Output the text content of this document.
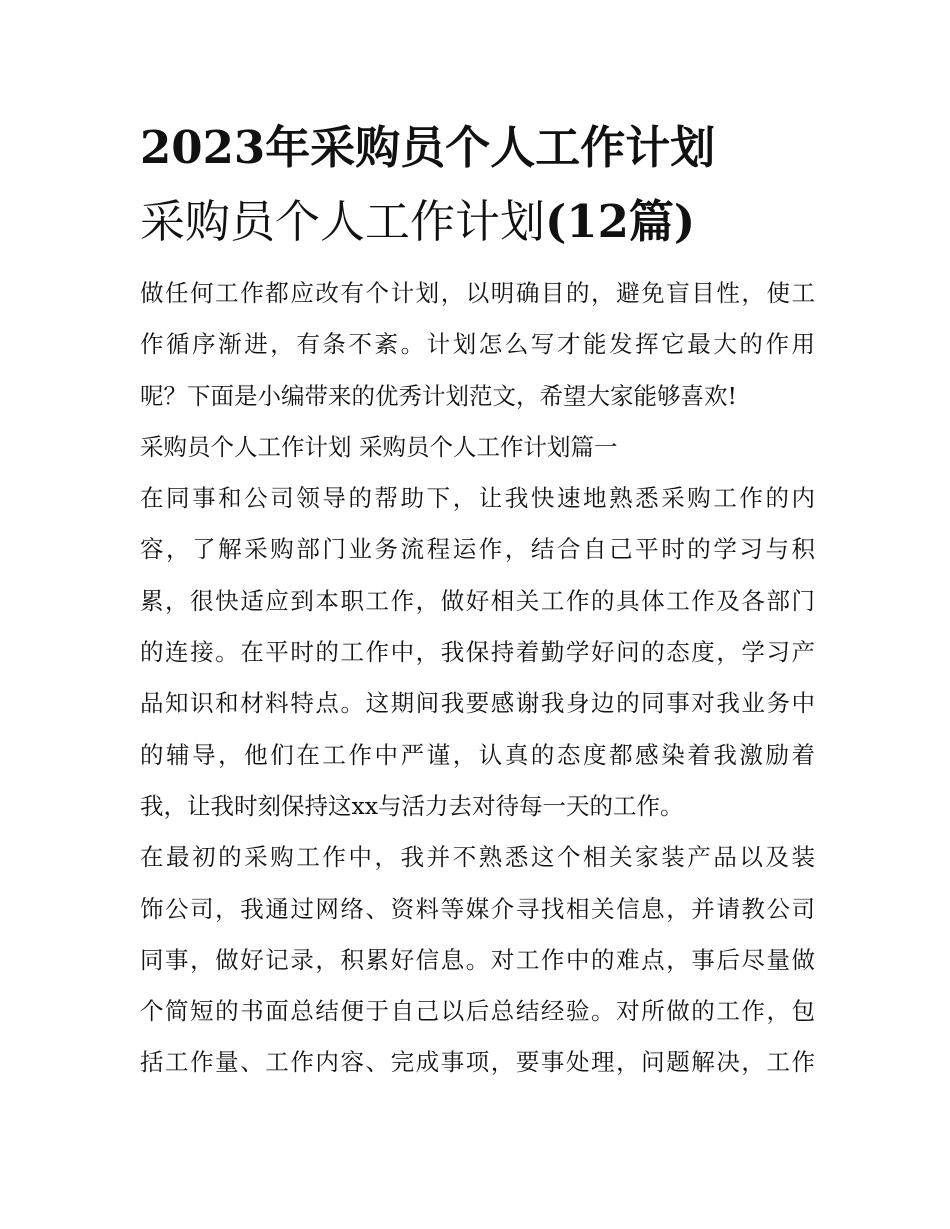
2023年采购员个人工作计划
采购员个人工作计划(12篇)
做任何工作都应改有个计划，以明确目的，避免盲目性，使工
作循序渐进，有条不紊。计划怎么写才能发挥它最大的作用
呢？下面是小编带来的优秀计划范文，希望大家能够喜欢!
采购员个人工作计划 采购员个人工作计划篇一
在同事和公司领导的帮助下，让我快速地熟悉采购工作的内
容，了解采购部门业务流程运作，结合自己平时的学习与积
累，很快适应到本职工作，做好相关工作的具体工作及各部门
的连接。在平时的工作中，我保持着勤学好问的态度，学习产
品知识和材料特点。这期间我要感谢我身边的同事对我业务中
的辅导，他们在工作中严谨，认真的态度都感染着我激励着
我，让我时刻保持这xx与活力去对待每一天的工作。
在最初的采购工作中，我并不熟悉这个相关家装产品以及装
饰公司，我通过网络、资料等媒介寻找相关信息，并请教公司
同事，做好记录，积累好信息。对工作中的难点，事后尽量做
个简短的书面总结便于自己以后总结经验。对所做的工作，包
括工作量、工作内容、完成事项，要事处理，问题解决，工作
